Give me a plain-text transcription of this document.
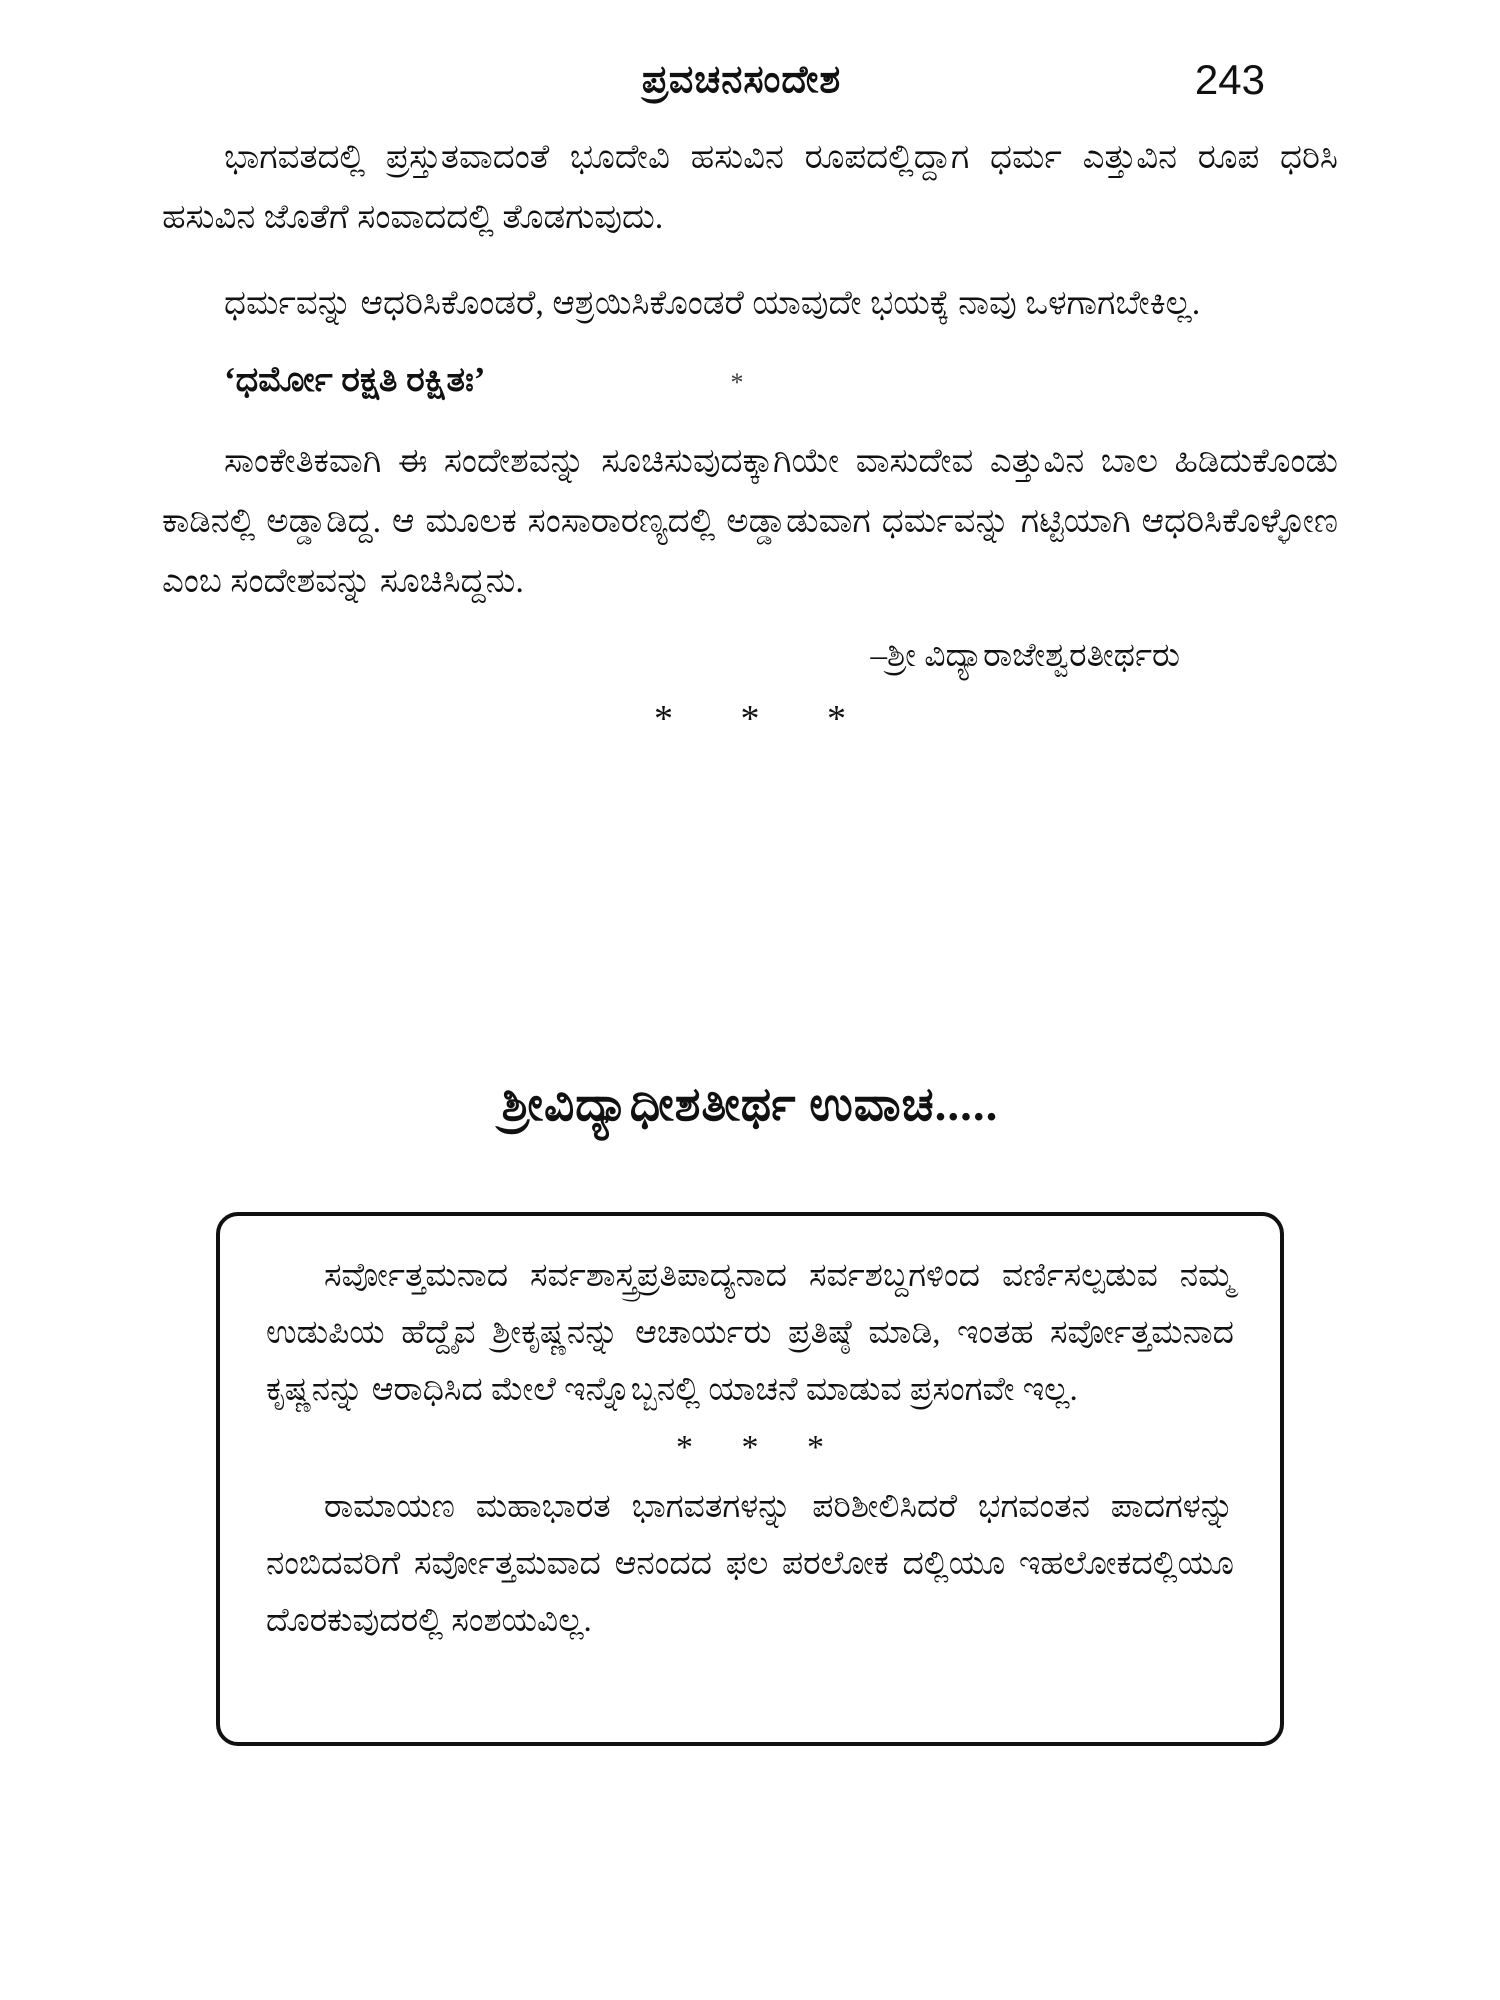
ಪ್ರವಚನಸಂದೇಶ	243

ಭಾಗವತದಲ್ಲಿ ಪ್ರಸ್ತುತವಾದಂತೆ ಭೂದೇವಿ ಹಸುವಿನ ರೂಪದಲ್ಲಿದ್ದಾಗ ಧರ್ಮ ಎತ್ತುವಿನ ರೂಪ ಧರಿಸಿ ಹಸುವಿನ ಜೊತೆಗೆ ಸಂವಾದದಲ್ಲಿ ತೊಡಗುವುದು.

ಧರ್ಮವನ್ನು ಆಧರಿಸಿಕೊಂಡರೆ, ಆಶ್ರಯಿಸಿಕೊಂಡರೆ ಯಾವುದೇ ಭಯಕ್ಕೆ ನಾವು ಒಳಗಾಗಬೇಕಿಲ್ಲ.

‘ಧರ್ಮೋ ರಕ್ಷತಿ ರಕ್ಷಿತಃ’	*

ಸಾಂಕೇತಿಕವಾಗಿ ಈ ಸಂದೇಶವನ್ನು ಸೂಚಿಸುವುದಕ್ಕಾಗಿಯೇ ವಾಸುದೇವ ಎತ್ತುವಿನ ಬಾಲ ಹಿಡಿದುಕೊಂಡು ಕಾಡಿನಲ್ಲಿ ಅಡ್ಡಾಡಿದ್ದ. ಆ ಮೂಲಕ ಸಂಸಾರಾರಣ್ಯದಲ್ಲಿ ಅಡ್ಡಾಡುವಾಗ ಧರ್ಮವನ್ನು ಗಟ್ಟಿಯಾಗಿ ಆಧರಿಸಿಕೊಳ್ಳೋಣ ಎಂಬ ಸಂದೇಶವನ್ನು ಸೂಚಿಸಿದ್ದನು.

–ಶ್ರೀ ವಿದ್ಯಾರಾಜೇಶ್ವರತೀರ್ಥರು
* * *
ಶ್ರೀವಿದ್ಯಾಧೀಶತೀರ್ಥ ಉವಾಚ.....

ಸರ್ವೋತ್ತಮನಾದ ಸರ್ವಶಾಸ್ತ್ರಪ್ರತಿಪಾದ್ಯನಾದ ಸರ್ವಶಬ್ದಗಳಿಂದ ವರ್ಣಿಸಲ್ಪಡುವ ನಮ್ಮ ಉಡುಪಿಯ ಹೆದ್ದೈವ ಶ್ರೀಕೃಷ್ಣನನ್ನು ಆಚಾರ್ಯರು ಪ್ರತಿಷ್ಠೆ ಮಾಡಿ, ಇಂತಹ ಸರ್ವೋತ್ತಮನಾದ ಕೃಷ್ಣನನ್ನು ಆರಾಧಿಸಿದ ಮೇಲೆ ಇನ್ನೊಬ್ಬನಲ್ಲಿ ಯಾಚನೆ ಮಾಡುವ ಪ್ರಸಂಗವೇ ಇಲ್ಲ.

* * *

ರಾಮಾಯಣ ಮಹಾಭಾರತ ಭಾಗವತಗಳನ್ನು ಪರಿಶೀಲಿಸಿದರೆ ಭಗವಂತನ ಪಾದಗಳನ್ನು ನಂಬಿದವರಿಗೆ ಸರ್ವೋತ್ತಮವಾದ ಆನಂದದ ಫಲ ಪರಲೋಕ ದಲ್ಲಿಯೂ ಇಹಲೋಕದಲ್ಲಿಯೂ ದೊರಕುವುದರಲ್ಲಿ ಸಂಶಯವಿಲ್ಲ.
